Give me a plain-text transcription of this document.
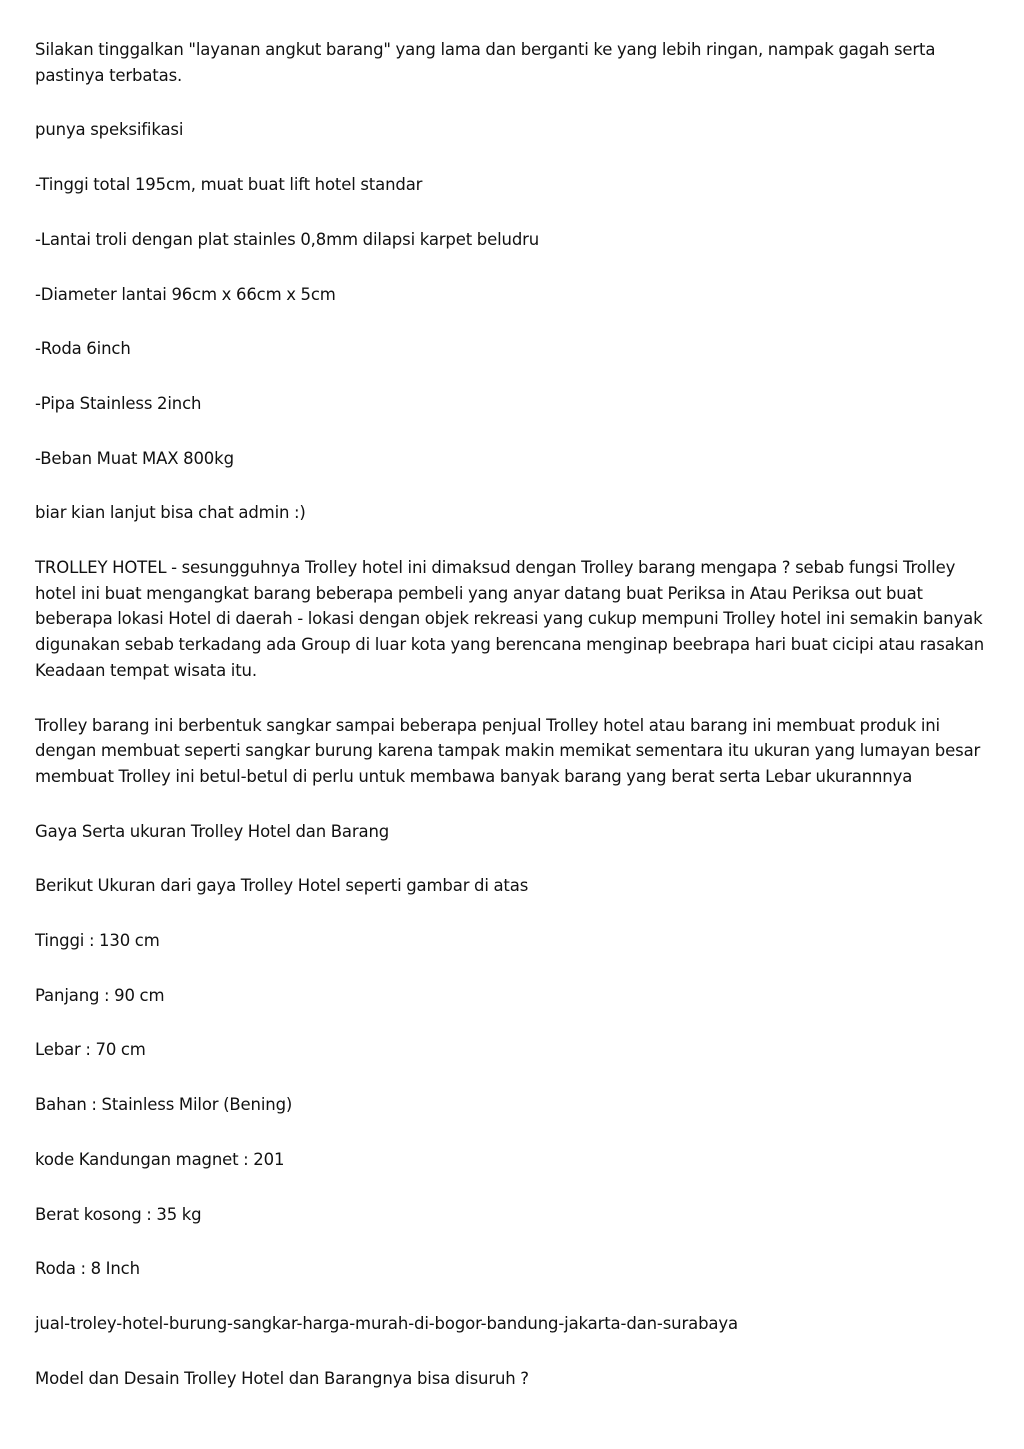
Silakan tinggalkan "layanan angkut barang" yang lama dan berganti ke yang lebih ringan, nampak gagah serta pastinya terbatas.

punya speksifikasi

-Tinggi total 195cm, muat buat lift hotel standar

-Lantai troli dengan plat stainles 0,8mm dilapsi karpet beludru

-Diameter lantai 96cm x 66cm x 5cm

-Roda 6inch

-Pipa Stainless 2inch

-Beban Muat MAX 800kg

biar kian lanjut bisa chat admin :)

TROLLEY HOTEL - sesungguhnya Trolley hotel ini dimaksud dengan Trolley barang mengapa ? sebab fungsi Trolley hotel ini buat mengangkat barang beberapa pembeli yang anyar datang buat Periksa in Atau Periksa out buat beberapa lokasi Hotel di daerah - lokasi dengan objek rekreasi yang cukup mempuni Trolley hotel ini semakin banyak digunakan sebab terkadang ada Group di luar kota yang berencana menginap beebrapa hari buat cicipi atau rasakan Keadaan tempat wisata itu.

Trolley barang ini berbentuk sangkar sampai beberapa penjual Trolley hotel atau barang ini membuat produk ini dengan membuat seperti sangkar burung karena tampak makin memikat sementara itu ukuran yang lumayan besar membuat Trolley ini betul-betul di perlu untuk membawa banyak barang yang berat serta Lebar ukurannnya

Gaya Serta ukuran Trolley Hotel dan Barang

Berikut Ukuran dari gaya Trolley Hotel seperti gambar di atas

Tinggi : 130 cm

Panjang : 90 cm

Lebar : 70 cm

Bahan : Stainless Milor (Bening)

kode Kandungan magnet : 201

Berat kosong : 35 kg

Roda : 8 Inch

jual-troley-hotel-burung-sangkar-harga-murah-di-bogor-bandung-jakarta-dan-surabaya

Model dan Desain Trolley Hotel dan Barangnya bisa disuruh ?
